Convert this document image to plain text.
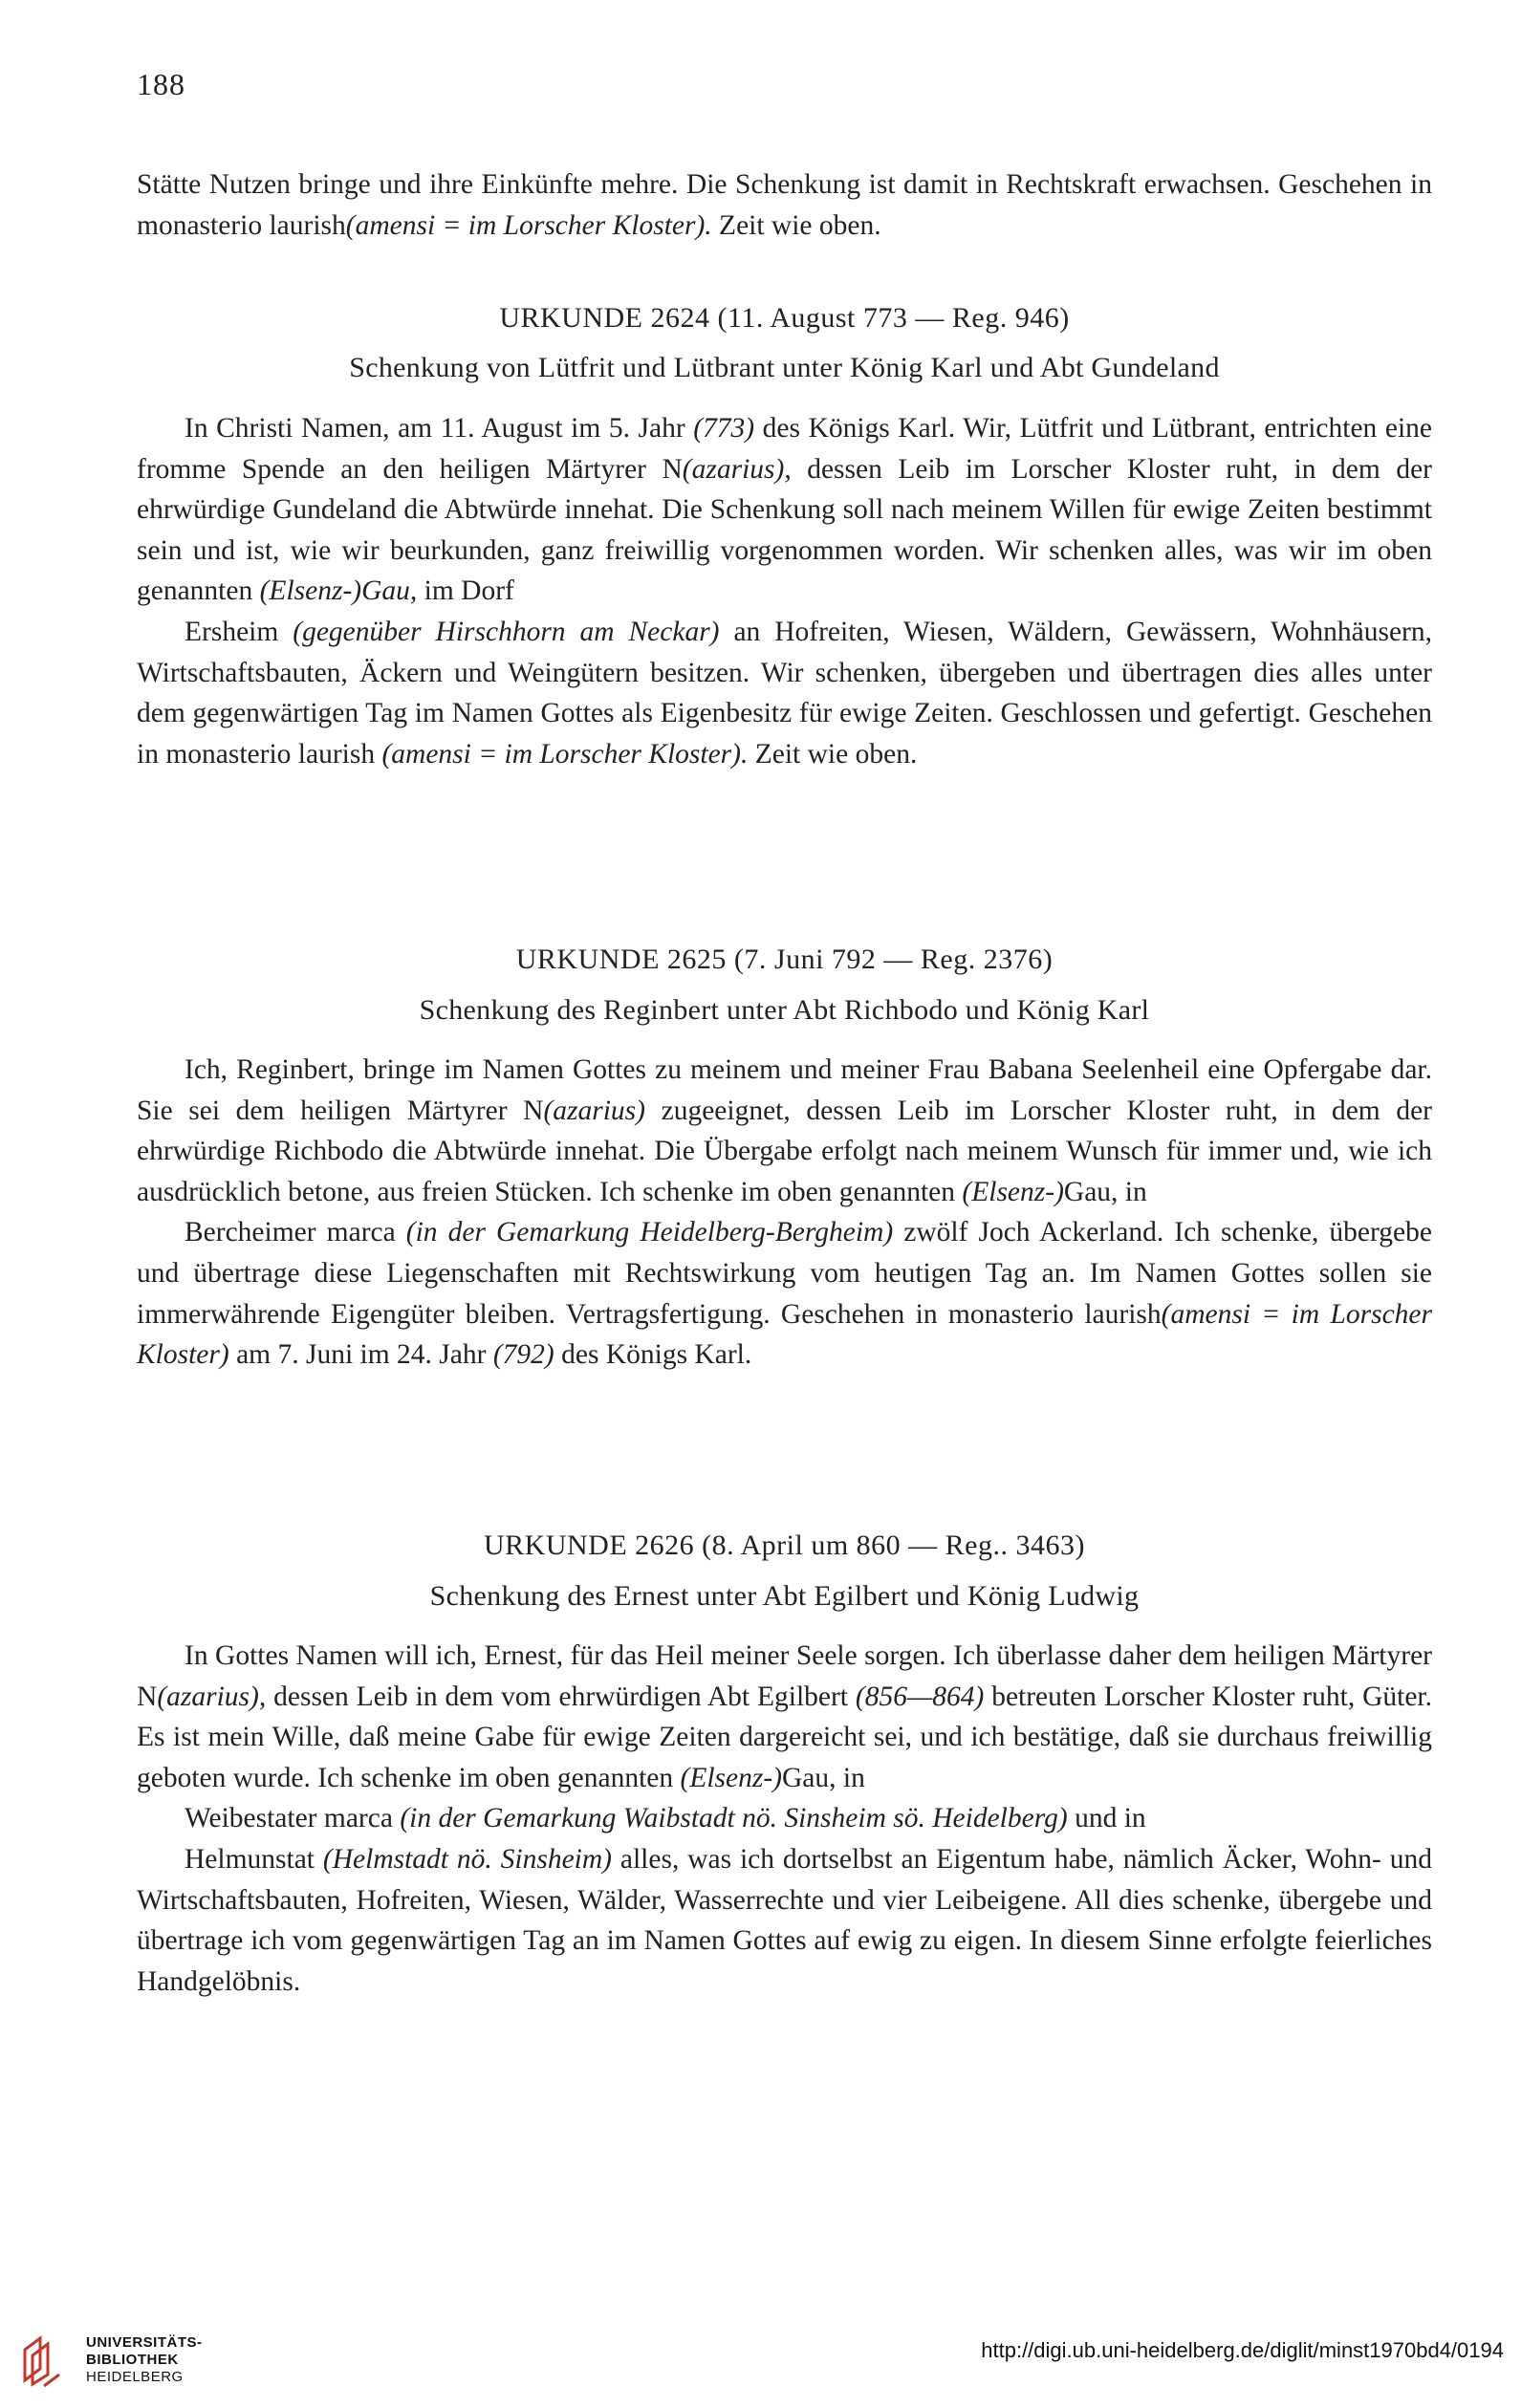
188

Stätte Nutzen bringe und ihre Einkünfte mehre. Die Schenkung ist damit in Rechtskraft erwachsen. Geschehen in monasterio laurish(amensi = im Lorscher Kloster). Zeit wie oben.

URKUNDE 2624 (11. August 773 — Reg. 946)
Schenkung von Lütfrit und Lütbrant unter König Karl und Abt Gundeland

In Christi Namen, am 11. August im 5. Jahr (773) des Königs Karl. Wir, Lütfrit und Lütbrant, entrichten eine fromme Spende an den heiligen Märtyrer N(azarius), dessen Leib im Lorscher Kloster ruht, in dem der ehrwürdige Gundeland die Abtwürde innehat. Die Schenkung soll nach meinem Willen für ewige Zeiten bestimmt sein und ist, wie wir beurkunden, ganz freiwillig vorgenommen worden. Wir schenken alles, was wir im oben genannten (Elsenz-)Gau, im Dorf

Ersheim (gegenüber Hirschhorn am Neckar) an Hofreiten, Wiesen, Wäldern, Gewässern, Wohnhäusern, Wirtschaftsbauten, Äckern und Weingütern besitzen. Wir schenken, übergeben und übertragen dies alles unter dem gegenwärtigen Tag im Namen Gottes als Eigenbesitz für ewige Zeiten. Geschlossen und gefertigt. Geschehen in monasterio laurish (amensi = im Lorscher Kloster). Zeit wie oben.

URKUNDE 2625 (7. Juni 792 — Reg. 2376)
Schenkung des Reginbert unter Abt Richbodo und König Karl

Ich, Reginbert, bringe im Namen Gottes zu meinem und meiner Frau Babana Seelenheil eine Opfergabe dar. Sie sei dem heiligen Märtyrer N(azarius) zugeeignet, dessen Leib im Lorscher Kloster ruht, in dem der ehrwürdige Richbodo die Abtwürde innehat. Die Übergabe erfolgt nach meinem Wunsch für immer und, wie ich ausdrücklich betone, aus freien Stücken. Ich schenke im oben genannten (Elsenz-)Gau, in

Bercheimer marca (in der Gemarkung Heidelberg-Bergheim) zwölf Joch Ackerland. Ich schenke, übergebe und übertrage diese Liegenschaften mit Rechtswirkung vom heutigen Tag an. Im Namen Gottes sollen sie immerwährende Eigengüter bleiben. Vertragsfertigung. Geschehen in monasterio laurish(amensi = im Lorscher Kloster) am 7. Juni im 24. Jahr (792) des Königs Karl.

URKUNDE 2626 (8. April um 860 — Reg.. 3463)
Schenkung des Ernest unter Abt Egilbert und König Ludwig

In Gottes Namen will ich, Ernest, für das Heil meiner Seele sorgen. Ich überlasse daher dem heiligen Märtyrer N(azarius), dessen Leib in dem vom ehrwürdigen Abt Egilbert (856—864) betreuten Lorscher Kloster ruht, Güter. Es ist mein Wille, daß meine Gabe für ewige Zeiten dargereicht sei, und ich bestätige, daß sie durchaus freiwillig geboten wurde. Ich schenke im oben genannten (Elsenz-)Gau, in

Weibestater marca (in der Gemarkung Waibstadt nö. Sinsheim sö. Heidelberg) und in

Helmunstat (Helmstadt nö. Sinsheim) alles, was ich dortselbst an Eigentum habe, nämlich Äcker, Wohn- und Wirtschaftsbauten, Hofreiten, Wiesen, Wälder, Wasserrechte und vier Leibeigene. All dies schenke, übergebe und übertrage ich vom gegenwärtigen Tag an im Namen Gottes auf ewig zu eigen. In diesem Sinne erfolgte feierliches Handgelöbnis.

UNIVERSITÄTS-
BIBLIOTHEK
HEIDELBERG
http://digi.ub.uni-heidelberg.de/diglit/minst1970bd4/0194
